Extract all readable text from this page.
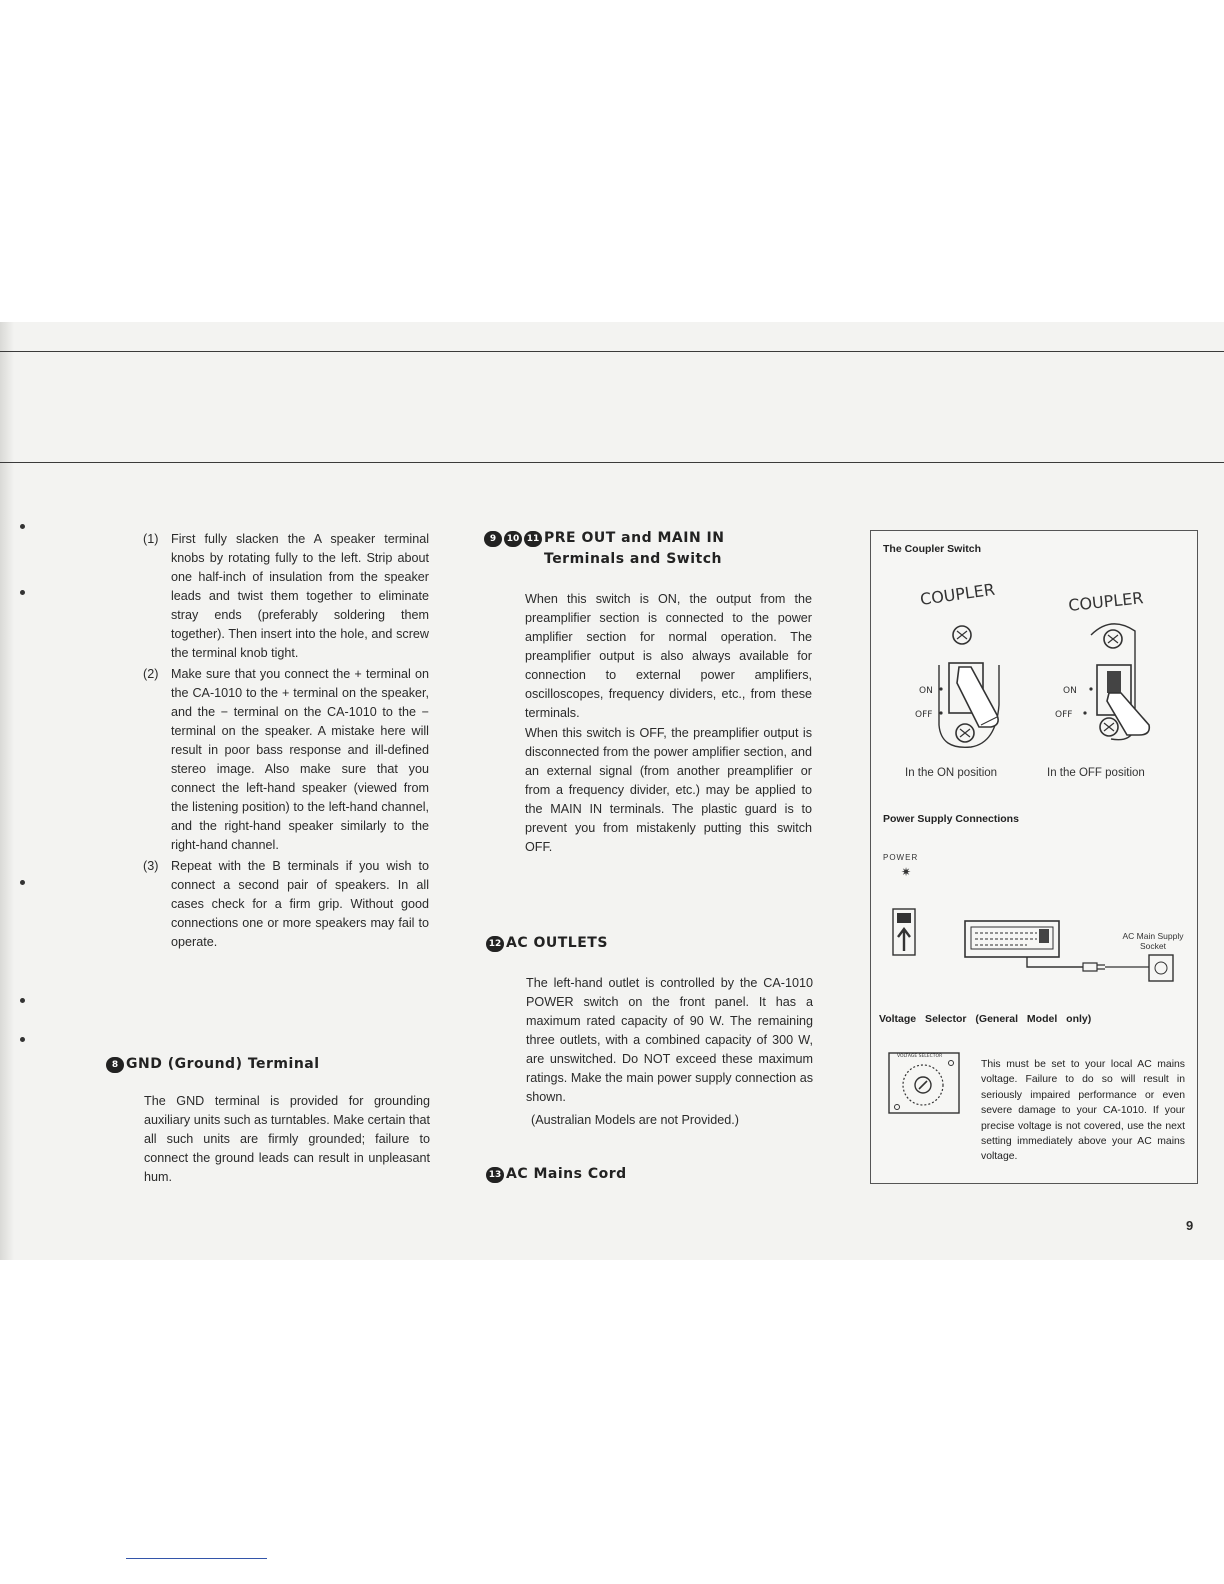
(1) First fully slacken the A speaker terminal knobs by rotating fully to the left. Strip about one half-inch of insulation from the speaker leads and twist them together to eliminate stray ends (preferably soldering them together). Then insert into the hole, and screw the terminal knob tight.
(2) Make sure that you connect the + terminal on the CA-1010 to the + terminal on the speaker, and the − terminal on the CA-1010 to the − terminal on the speaker. A mistake here will result in poor bass response and ill-defined stereo image. Also make sure that you connect the left-hand speaker (viewed from the listening position) to the left-hand channel, and the right-hand speaker similarly to the right-hand channel.
(3) Repeat with the B terminals if you wish to connect a second pair of speakers. In all cases check for a firm grip. Without good connections one or more speakers may fail to operate.
8 GND (Ground) Terminal
The GND terminal is provided for grounding auxiliary units such as turntables. Make certain that all such units are firmly grounded; failure to connect the ground leads can result in unpleasant hum.
9 10 11 PRE OUT and MAIN IN
Terminals and Switch
When this switch is ON, the output from the preamplifier section is connected to the power amplifier section for normal operation. The preamplifier output is also always available for connection to external power amplifiers, oscilloscopes, frequency dividers, etc., from these terminals.
When this switch is OFF, the preamplifier output is disconnected from the power amplifier section, and an external signal (from another preamplifier or from a frequency divider, etc.) may be applied to the MAIN IN terminals. The plastic guard is to prevent you from mistakenly putting this switch OFF.
12 AC OUTLETS
The left-hand outlet is controlled by the CA-1010 POWER switch on the front panel. It has a maximum rated capacity of 90 W. The remaining three outlets, with a combined capacity of 300 W, are unswitched. Do NOT exceed these maximum ratings. Make the main power supply connection as shown.
(Australian Models are not Provided.)
13 AC Mains Cord
The Coupler Switch
COUPLER
ON
OFF
In the ON position
COUPLER
ON
OFF
In the OFF position
Power Supply Connections
POWER
✷
AC Main Supply
Socket
Voltage Selector (General Model only)
VOLTAGE SELECTOR
This must be set to your local AC mains voltage. Failure to do so will result in seriously impaired performance or even severe damage to your CA-1010. If your precise voltage is not covered, use the next setting immediately above your AC mains voltage.
9
